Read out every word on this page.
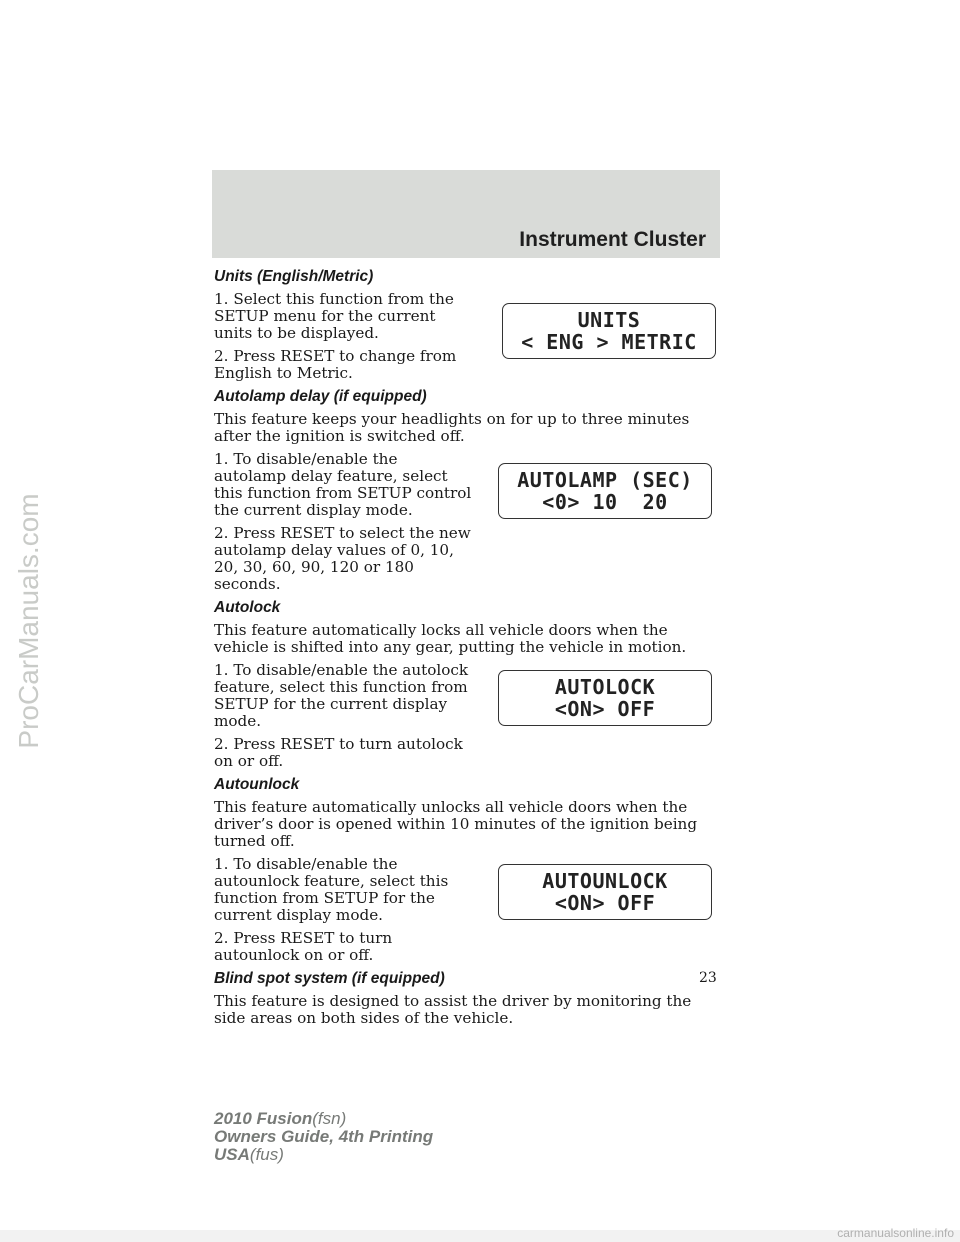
ProCarManuals.com
Instrument Cluster
Units (English/Metric)

1. Select this function from the SETUP menu for the current units to be displayed.

2. Press RESET to change from English to Metric.

UNITS
< ENG > METRIC
Autolamp delay (if equipped)

This feature keeps your headlights on for up to three minutes after the ignition is switched off.

1. To disable/enable the autolamp delay feature, select this function from SETUP control the current display mode.

2. Press RESET to select the new autolamp delay values of 0, 10, 20, 30, 60, 90, 120 or 180 seconds.

AUTOLAMP (SEC)
<0> 10  20
Autolock

This feature automatically locks all vehicle doors when the vehicle is shifted into any gear, putting the vehicle in motion.

1. To disable/enable the autolock feature, select this function from SETUP for the current display mode.

2. Press RESET to turn autolock on or off.

AUTOLOCK
<ON> OFF
Autounlock

This feature automatically unlocks all vehicle doors when the driver’s door is opened within 10 minutes of the ignition being turned off.

1. To disable/enable the autounlock feature, select this function from SETUP for the current display mode.

2. Press RESET to turn autounlock on or off.

AUTOUNLOCK
<ON> OFF
Blind spot system (if equipped)

This feature is designed to assist the driver by monitoring the side areas on both sides of the vehicle.

23
2010 Fusion(fsn)
Owners Guide, 4th Printing
USA(fus)
carmanualsonline.info
